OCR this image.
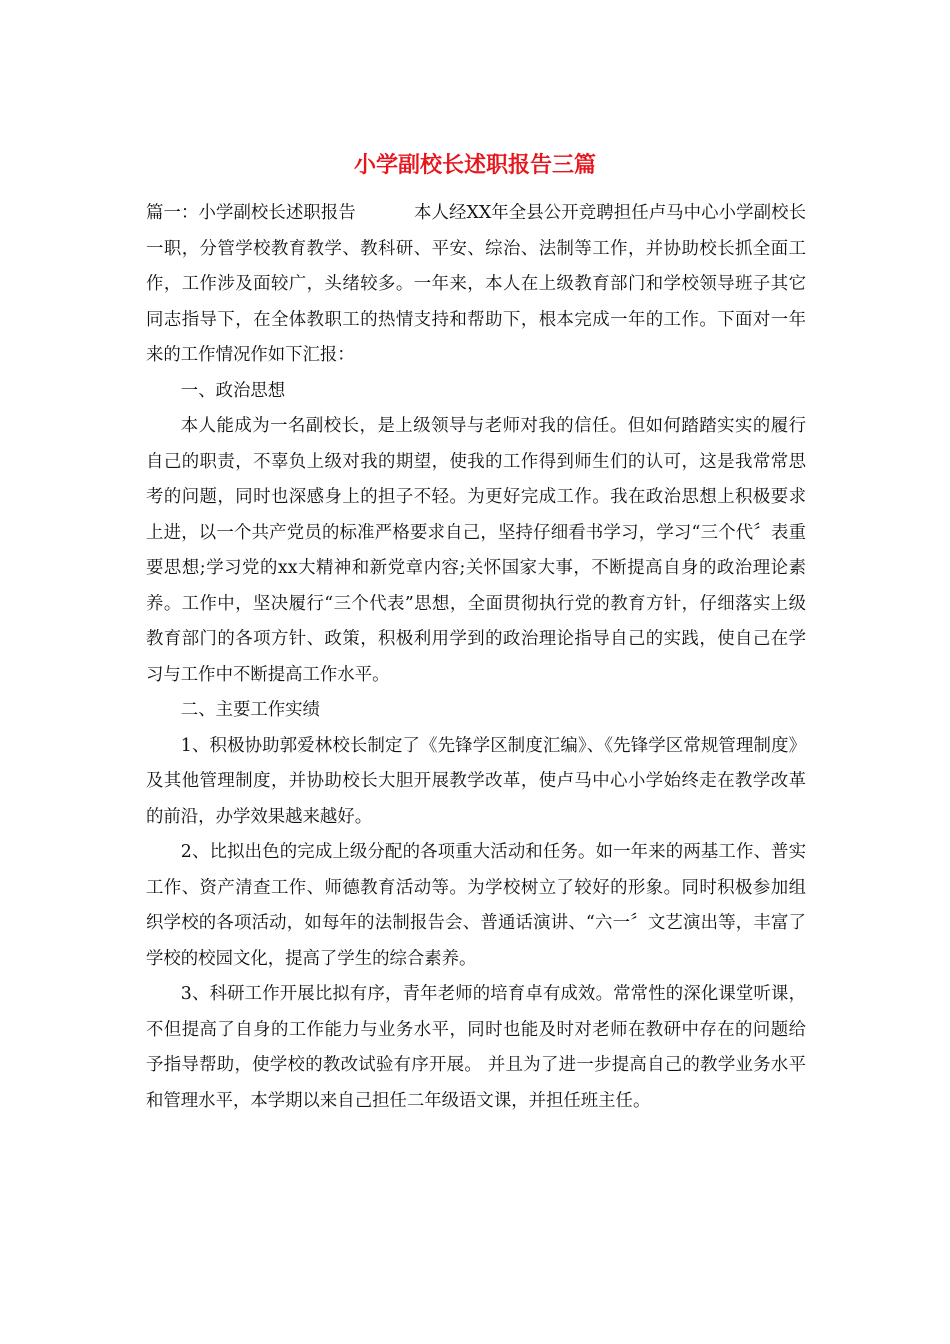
小学副校长述职报告三篇

篇一：小学副校长述职报告	本人经XX年全县公开竞聘担任卢马中心小学副校长一职，分管学校教育教学、教科研、平安、综治、法制等工作，并协助校长抓全面工作，工作涉及面较广，头绪较多。一年来，本人在上级教育部门和学校领导班子其它同志指导下，在全体教职工的热情支持和帮助下，根本完成一年的工作。下面对一年来的工作情况作如下汇报：

一、政治思想

本人能成为一名副校长，是上级领导与老师对我的信任。但如何踏踏实实的履行自己的职责，不辜负上级对我的期望，使我的工作得到师生们的认可，这是我常常思考的问题，同时也深感身上的担子不轻。为更好完成工作。我在政治思想上积极要求上进，以一个共产党员的标准严格要求自己，坚持仔细看书学习，学习“三个代〞表重要思想;学习党的xx大精神和新党章内容;关怀国家大事，不断提高自身的政治理论素养。工作中，坚决履行“三个代表”思想，全面贯彻执行党的教育方针，仔细落实上级教育部门的各项方针、政策，积极利用学到的政治理论指导自己的实践，使自己在学习与工作中不断提高工作水平。

二、主要工作实绩

1、积极协助郭爱林校长制定了《先锋学区制度汇编》、《先锋学区常规管理制度》及其他管理制度，并协助校长大胆开展教学改革，使卢马中心小学始终走在教学改革的前沿，办学效果越来越好。

2、比拟出色的完成上级分配的各项重大活动和任务。如一年来的两基工作、普实工作、资产清查工作、师德教育活动等。为学校树立了较好的形象。同时积极参加组织学校的各项活动，如每年的法制报告会、普通话演讲、“六一〞文艺演出等，丰富了学校的校园文化，提高了学生的综合素养。

3、科研工作开展比拟有序，青年老师的培育卓有成效。常常性的深化课堂听课，不但提高了自身的工作能力与业务水平，同时也能及时对老师在教研中存在的问题给予指导帮助，使学校的教改试验有序开展。 并且为了进一步提高自己的教学业务水平和管理水平，本学期以来自己担任二年级语文课，并担任班主任。
